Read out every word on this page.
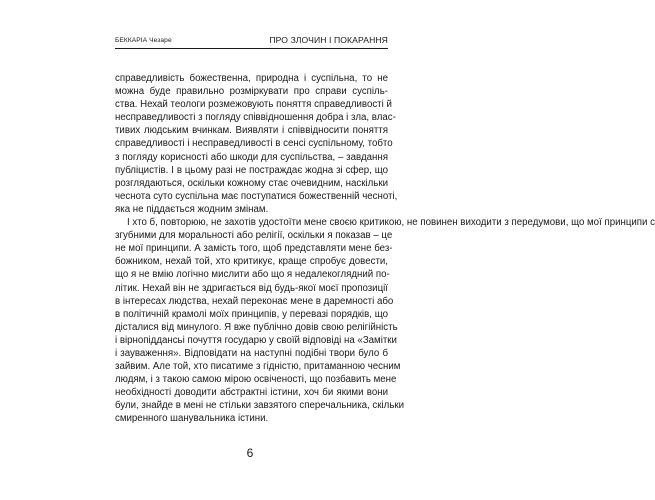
БЕККАРІА Чезаре	ПРО ЗЛОЧИН І ПОКАРАННЯ
справедливість божественна, природна і суспільна, то не
можна буде правильно розміркувати про справи суспіль-
ства. Нехай теологи розмежовують поняття справедливості й
несправедливості з погляду співвідношення добра і зла, влас-
тивих людським вчинкам. Виявляти і співвідносити поняття
справедливості і несправедливості в сенсі суспільному, тобто
з погляду корисності або шкоди для суспільства, – завдання
публіцистів. І в цьому разі не постраждає жодна зі сфер, що
розглядаються, оскільки кожному стає очевидним, наскільки
чеснота суто суспільна має поступатися божественній чесноті,
яка не піддається жодним змінам.
І хто б, повторюю, не захотів удостоїти мене своєю критикою, не повинен виходити з передумови, що мої принципи с
згубними для моральності або релігії, оскільки я показав – це
не мої принципи. А замість того, щоб представляти мене без-
божником, нехай той, хто критикує, краще спробує довести,
що я не вмію логічно мислити або що я недалекоглядний по-
літик. Нехай він не здригається від будь-якої моєї пропозиції
в інтересах людства, нехай переконає мене в даремності або
в політичній крамолі моїх принципів, у перевазі порядків, що
дісталися від минулого. Я вже публічно довів свою релігійність
і вірнопіддансьі почуття государю у своїй відповіді на «Замітки
і зауваження». Відповідати на наступні подібні твори було б
зайвим. Але той, хто писатиме з гідністю, притаманною чесним
людям, і з такою самою мірою освіченості, що позбавить мене
необхідності доводити абстрактні істини, хоч би якими вони
були, знайде в мені не стільки завзятого сперечальника, скільки
смиренного шанувальника істини.
6
